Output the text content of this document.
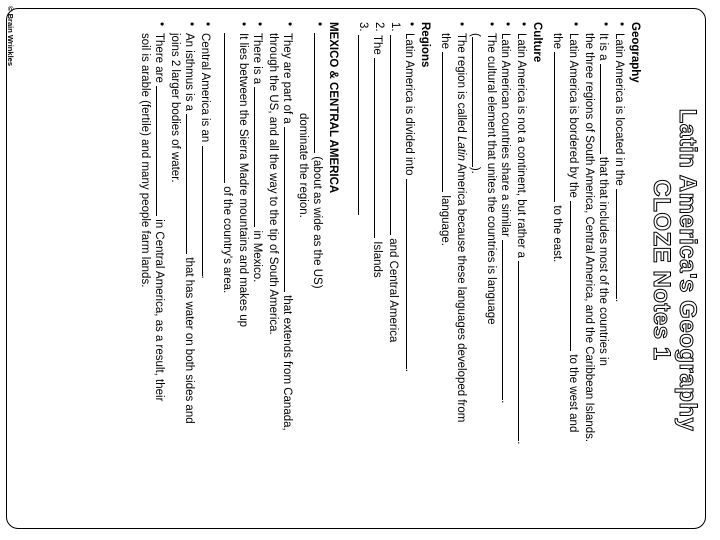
© Brain Wrinkles
Latin America's Geography
CLOZE Notes 1
Geography
• Latin America is located in the .
• It is a  that that includes most of the countries in
the three regions of South America, Central America, and the Caribbean Islands.
• Latin America is bordered by the  to the west and
the  to the east.
Culture
• Latin America is not a continent, but rather a .
• Latin American countries share a similar .
• The cultural element that unites the countries is language
().
• The region is called Latin America because these languages developed from
the  language.
Regions
• Latin America is divided into .
1.
and Central America
2.
The  Islands
3.
MEXICO & CENTRAL AMERICA
• (about as wide as the US)
dominate the region.
• They are part of a  that extends from Canada,
through the US, and all the way to the tip of South America.
• There is a  in Mexico.
• It lies between the Sierra Madre mountains and makes up
of the country's area.
• Central America is an .
• An isthmus is a  that has water on both sides and
joins 2 larger bodies of water.
• There are  in Central America, as a result, their
soil is arable (fertile) and many people farm lands.
